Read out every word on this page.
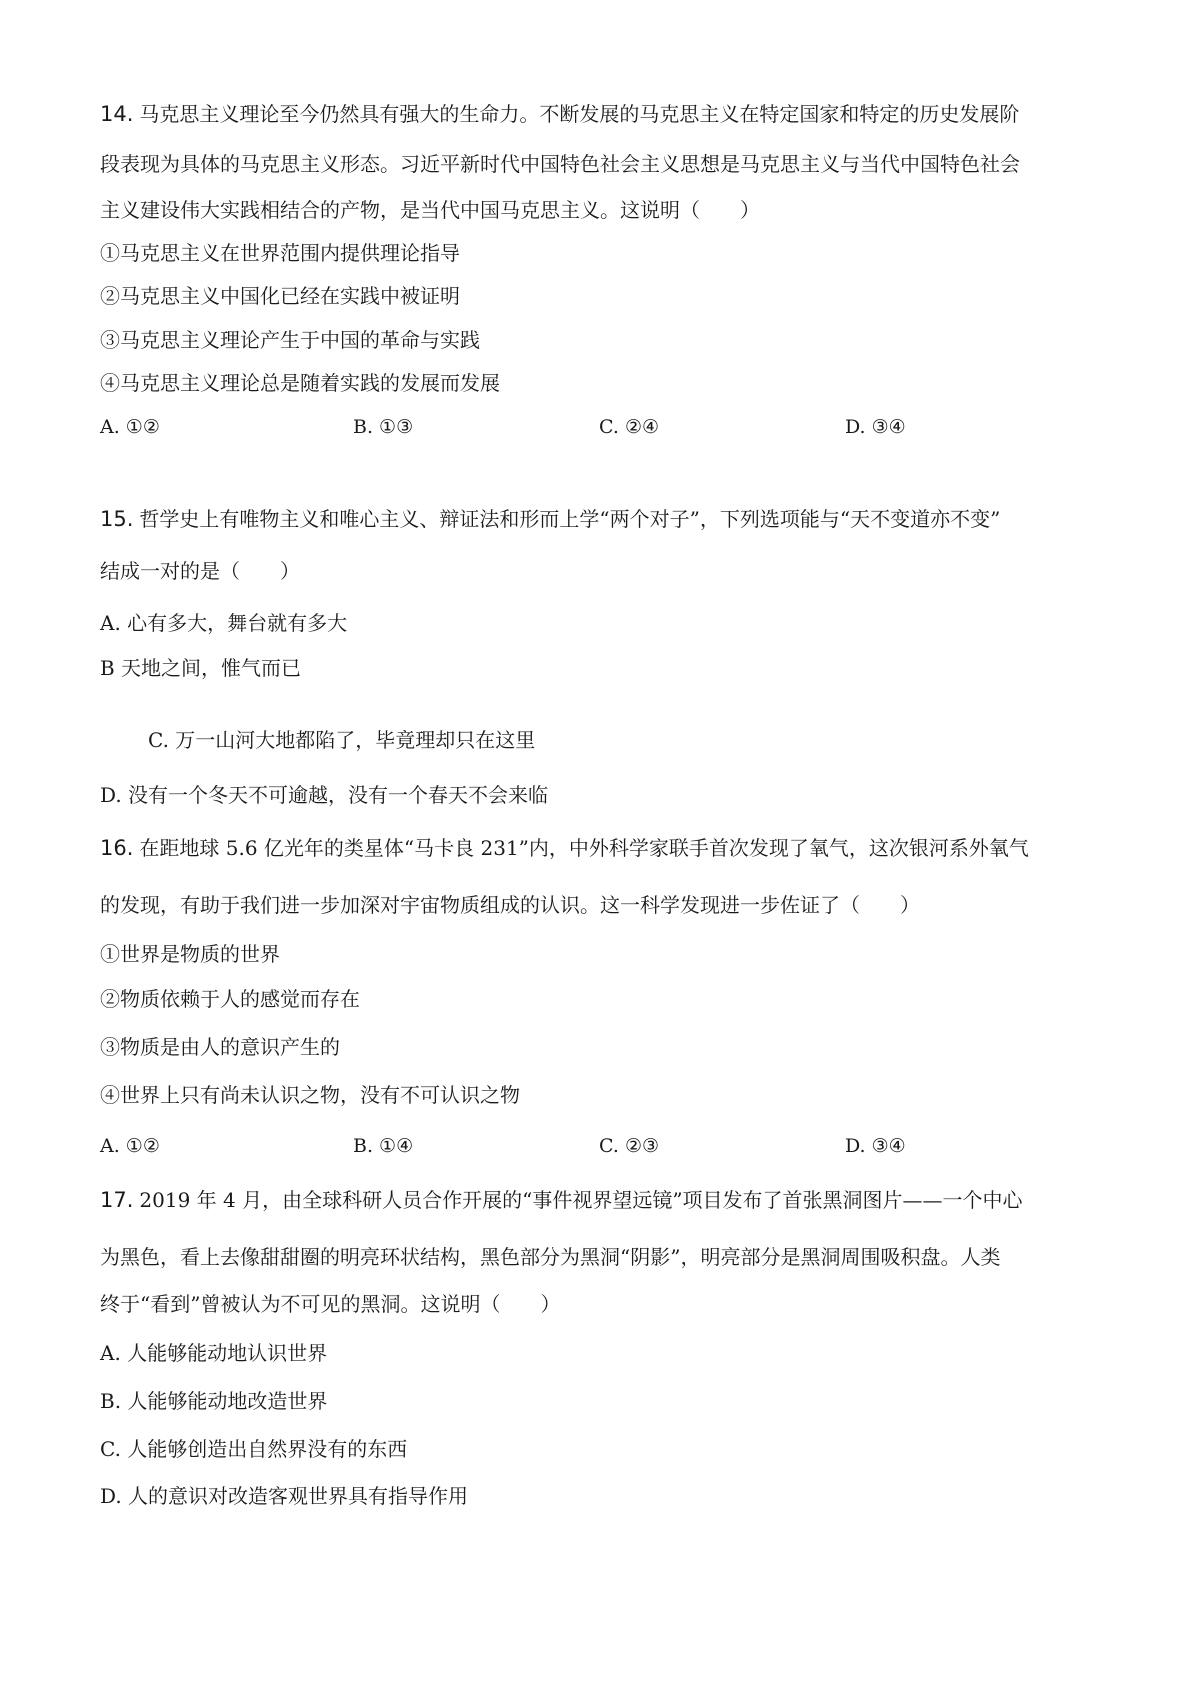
14. 马克思主义理论至今仍然具有强大的生命力。不断发展的马克思主义在特定国家和特定的历史发展阶
段表现为具体的马克思主义形态。习近平新时代中国特色社会主义思想是马克思主义与当代中国特色社会
主义建设伟大实践相结合的产物，是当代中国马克思主义。这说明（　　）
①马克思主义在世界范围内提供理论指导
②马克思主义中国化已经在实践中被证明
③马克思主义理论产生于中国的革命与实践
④马克思主义理论总是随着实践的发展而发展
A. ①②	B. ①③	C. ②④	D. ③④
15. 哲学史上有唯物主义和唯心主义、辩证法和形而上学“两个对子”，下列选项能与“天不变道亦不变”
结成一对的是（　　）
A. 心有多大，舞台就有多大
B 天地之间，惟气而已
C. 万一山河大地都陷了，毕竟理却只在这里
D. 没有一个冬天不可逾越，没有一个春天不会来临
16. 在距地球 5.6 亿光年的类星体“马卡良 231”内，中外科学家联手首次发现了氧气，这次银河系外氧气
的发现，有助于我们进一步加深对宇宙物质组成的认识。这一科学发现进一步佐证了（　　）
①世界是物质的世界
②物质依赖于人的感觉而存在
③物质是由人的意识产生的
④世界上只有尚未认识之物，没有不可认识之物
A. ①②	B. ①④	C. ②③	D. ③④
17. 2019 年 4 月，由全球科研人员合作开展的“事件视界望远镜”项目发布了首张黑洞图片——一个中心
为黑色，看上去像甜甜圈的明亮环状结构，黑色部分为黑洞“阴影”，明亮部分是黑洞周围吸积盘。人类
终于“看到”曾被认为不可见的黑洞。这说明（　　）
A. 人能够能动地认识世界
B. 人能够能动地改造世界
C. 人能够创造出自然界没有的东西
D. 人的意识对改造客观世界具有指导作用
